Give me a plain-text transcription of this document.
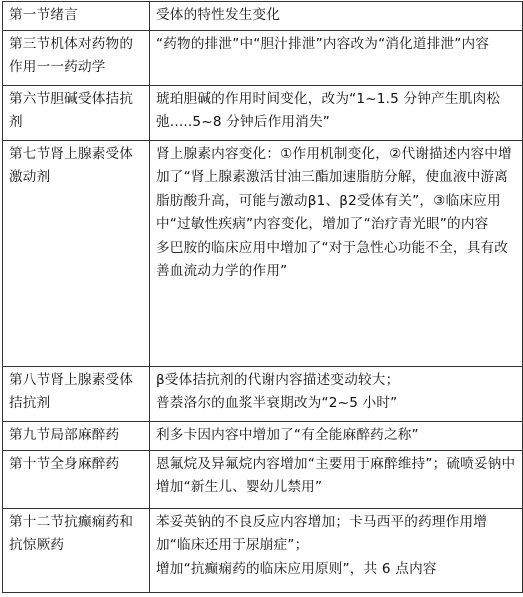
第一节绪言	受体的特性发生变化

第三节机体对药物的作用一一药动学	“药物的排泄”中“胆汁排泄”内容改为“消化道排泄”内容

第六节胆碱受体拮抗剂	琥珀胆碱的作用时间变化，改为“1~1.5 分钟产生肌肉松弛.....5~8 分钟后作用消失”

第七节肾上腺素受体激动剂	肾上腺素内容变化：①作用机制变化，②代谢描述内容中增加了“肾上腺素激活甘油三酯加速脂肪分解，使血液中游离脂肪酸升高，可能与激动β1、β2受体有关”，③临床应用中“过敏性疾病”内容变化，增加了“治疗青光眼”的内容
多巴胺的临床应用中增加了“对于急性心功能不全，具有改善血流动力学的作用”

第八节肾上腺素受体拮抗剂	β受体拮抗剂的代谢内容描述变动较大；
普萘洛尔的血浆半衰期改为“2~5 小时”

第九节局部麻醉药	利多卡因内容中增加了“有全能麻醉药之称”

第十节全身麻醉药	恩氟烷及异氟烷内容增加“主要用于麻醉维持”；硫喷妥钠中增加“新生儿、婴幼儿禁用”

第十二节抗癫痫药和抗惊厥药	苯妥英钠的不良反应内容增加；卡马西平的药理作用增加“临床还用于尿崩症”；
增加“抗癫痫药的临床应用原则”，共 6 点内容
